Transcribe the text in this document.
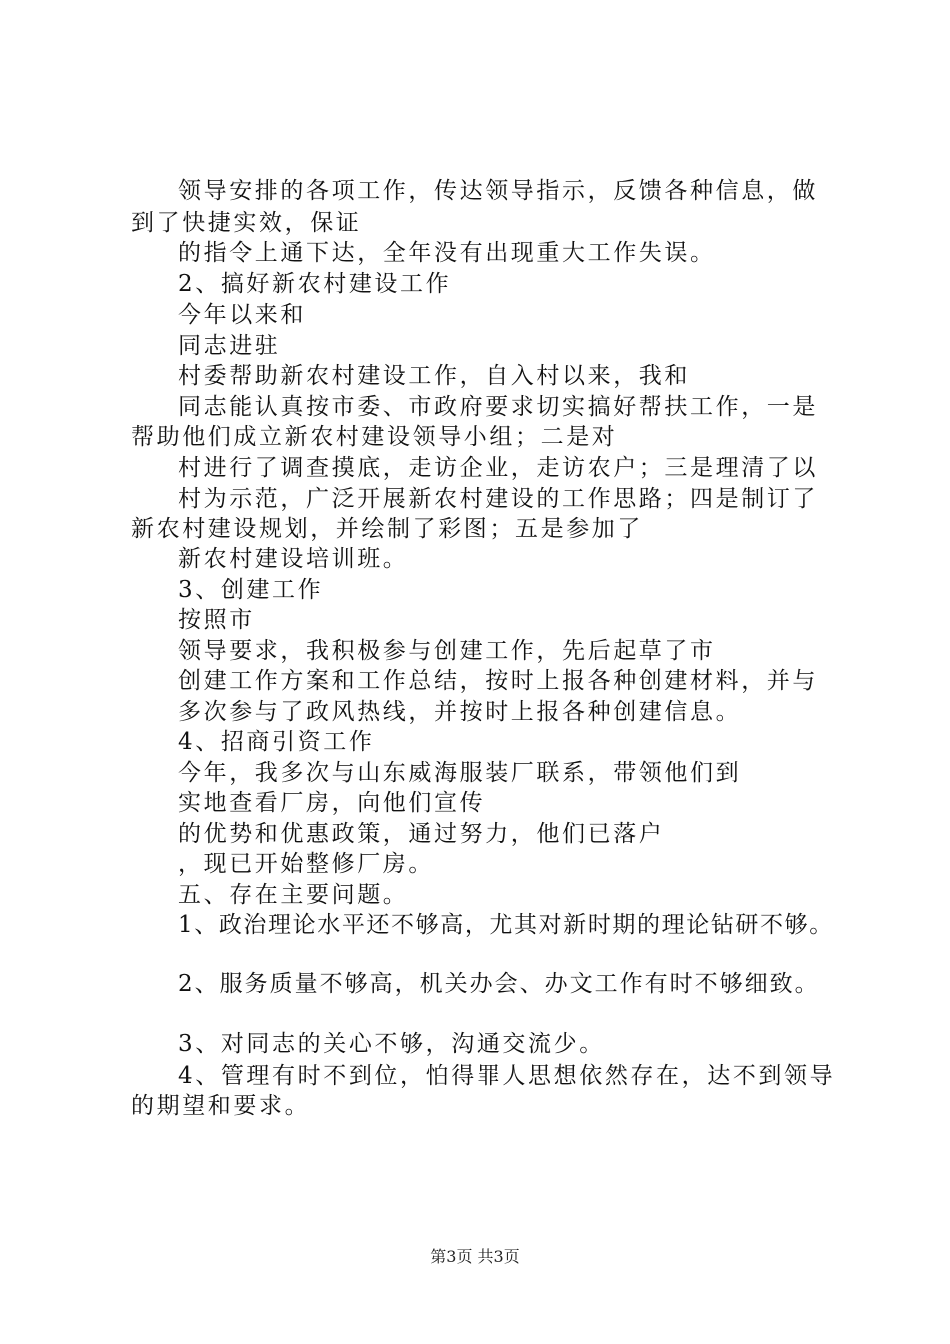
领导安排的各项工作，传达领导指示，反馈各种信息，做
到了快捷实效，保证
的指令上通下达，全年没有出现重大工作失误。
2、搞好新农村建设工作
今年以来和
同志进驻
村委帮助新农村建设工作，自入村以来，我和
同志能认真按市委、市政府要求切实搞好帮扶工作，一是
帮助他们成立新农村建设领导小组；二是对
村进行了调查摸底，走访企业，走访农户；三是理清了以
村为示范，广泛开展新农村建设的工作思路；四是制订了
新农村建设规划，并绘制了彩图；五是参加了
新农村建设培训班。
3、创建工作
按照市
领导要求，我积极参与创建工作，先后起草了市
创建工作方案和工作总结，按时上报各种创建材料，并与
多次参与了政风热线，并按时上报各种创建信息。
4、招商引资工作
今年，我多次与山东威海服装厂联系，带领他们到
实地查看厂房，向他们宣传
的优势和优惠政策，通过努力，他们已落户
，现已开始整修厂房。
五、存在主要问题。
1、政治理论水平还不够高，尤其对新时期的理论钻研不够。
2、服务质量不够高，机关办会、办文工作有时不够细致。
3、对同志的关心不够，沟通交流少。
4、管理有时不到位，怕得罪人思想依然存在，达不到领导
的期望和要求。
第3页 共3页
